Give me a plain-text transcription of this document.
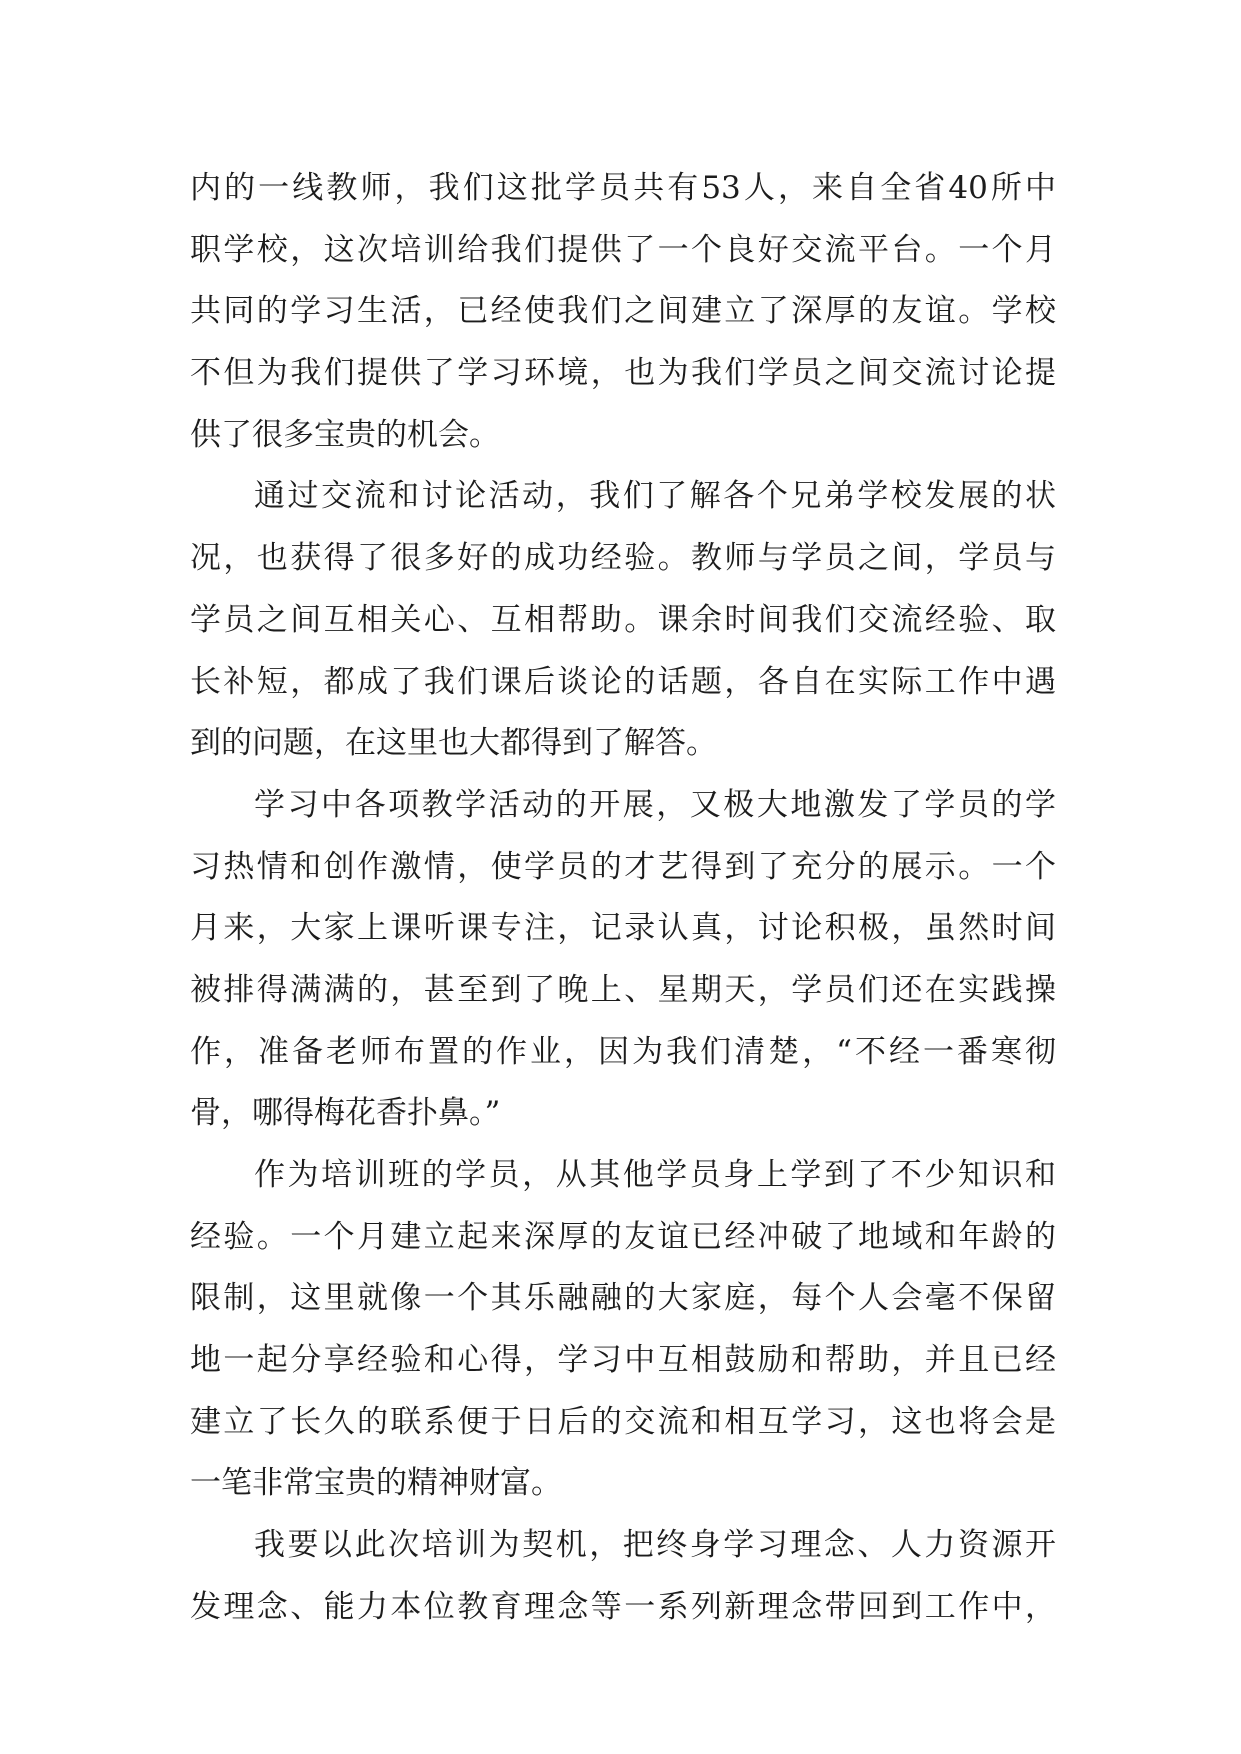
内的一线教师，我们这批学员共有53人，来自全省40所中
职学校，这次培训给我们提供了一个良好交流平台。一个月
共同的学习生活，已经使我们之间建立了深厚的友谊。学校
不但为我们提供了学习环境，也为我们学员之间交流讨论提
供了很多宝贵的机会。
通过交流和讨论活动，我们了解各个兄弟学校发展的状
况，也获得了很多好的成功经验。教师与学员之间，学员与
学员之间互相关心、互相帮助。课余时间我们交流经验、取
长补短，都成了我们课后谈论的话题，各自在实际工作中遇
到的问题，在这里也大都得到了解答。
学习中各项教学活动的开展，又极大地激发了学员的学
习热情和创作激情，使学员的才艺得到了充分的展示。一个
月来，大家上课听课专注，记录认真，讨论积极，虽然时间
被排得满满的，甚至到了晚上、星期天，学员们还在实践操
作，准备老师布置的作业，因为我们清楚，“不经一番寒彻
骨，哪得梅花香扑鼻。”
作为培训班的学员，从其他学员身上学到了不少知识和
经验。一个月建立起来深厚的友谊已经冲破了地域和年龄的
限制，这里就像一个其乐融融的大家庭，每个人会毫不保留
地一起分享经验和心得，学习中互相鼓励和帮助，并且已经
建立了长久的联系便于日后的交流和相互学习，这也将会是
一笔非常宝贵的精神财富。
我要以此次培训为契机，把终身学习理念、人力资源开
发理念、能力本位教育理念等一系列新理念带回到工作中，
